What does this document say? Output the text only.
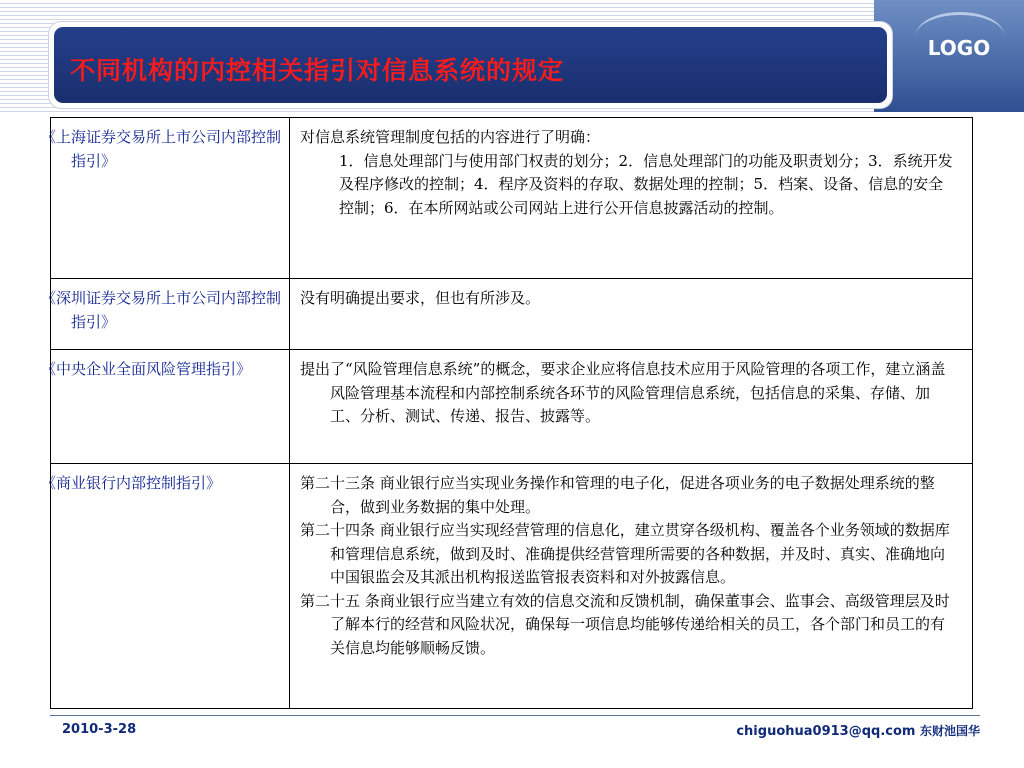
LOGO
不同机构的内控相关指引对信息系统的规定
《上海证券交易所上市公司内部控制指引》	对信息系统管理制度包括的内容进行了明确：
1．信息处理部门与使用部门权责的划分；2．信息处理部门的功能及职责划分；3．系统开发及程序修改的控制；4．程序及资料的存取、数据处理的控制；5．档案、设备、信息的安全控制；6．在本所网站或公司网站上进行公开信息披露活动的控制。

《深圳证券交易所上市公司内部控制指引》	没有明确提出要求，但也有所涉及。

《中央企业全面风险管理指引》	提出了“风险管理信息系统”的概念，要求企业应将信息技术应用于风险管理的各项工作，建立涵盖风险管理基本流程和内部控制系统各环节的风险管理信息系统，包括信息的采集、存储、加工、分析、测试、传递、报告、披露等。

《商业银行内部控制指引》	第二十三条 商业银行应当实现业务操作和管理的电子化，促进各项业务的电子数据处理系统的整合，做到业务数据的集中处理。
第二十四条 商业银行应当实现经营管理的信息化，建立贯穿各级机构、覆盖各个业务领域的数据库和管理信息系统，做到及时、准确提供经营管理所需要的各种数据，并及时、真实、准确地向中国银监会及其派出机构报送监管报表资料和对外披露信息。
第二十五 条商业银行应当建立有效的信息交流和反馈机制，确保董事会、监事会、高级管理层及时了解本行的经营和风险状况，确保每一项信息均能够传递给相关的员工，各个部门和员工的有关信息均能够顺畅反馈。
2010-3-28	chiguohua0913@qq.com 东财池国华
